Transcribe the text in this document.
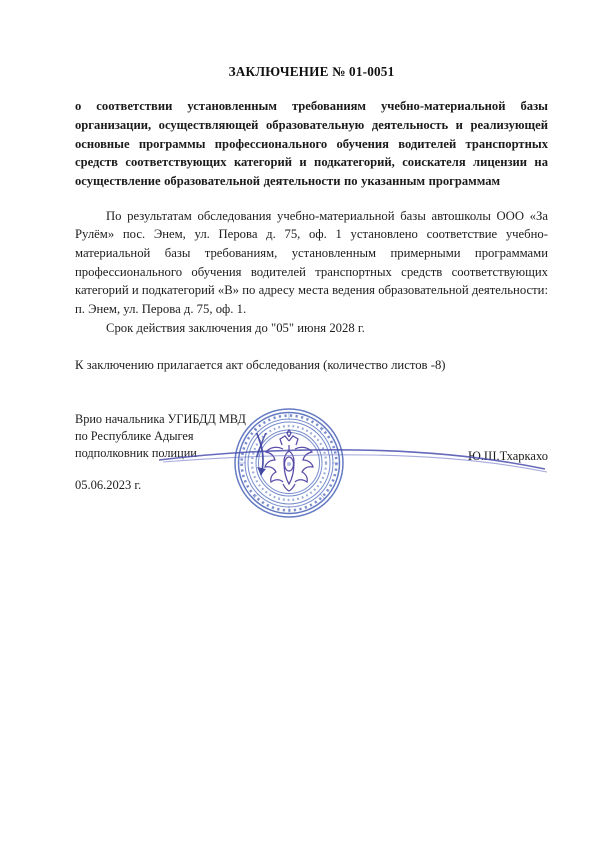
ЗАКЛЮЧЕНИЕ № 01-0051
о соответствии установленным требованиям учебно-материальной базы организации, осуществляющей образовательную деятельность и реализующей основные программы профессионального обучения водителей транспортных средств соответствующих категорий и подкатегорий, соискателя лицензии на осуществление образовательной деятельности по указанным программам
По результатам обследования учебно-материальной базы автошколы ООО «За Рулём» пос. Энем, ул. Перова д. 75, оф. 1 установлено соответствие учебно-материальной базы требованиям, установленным примерными программами профессионального обучения водителей транспортных средств соответствующих категорий и подкатегорий «В» по адресу места ведения образовательной деятельности: п. Энем, ул. Перова д. 75, оф. 1.
Срок действия заключения до "05" июня 2028 г.
К заключению прилагается акт обследования (количество листов -8)
Врио начальника УГИБДД МВД
по Республике Адыгея
подполковник полиции	Ю.Ш.Тхаркахо
05.06.2023 г.
